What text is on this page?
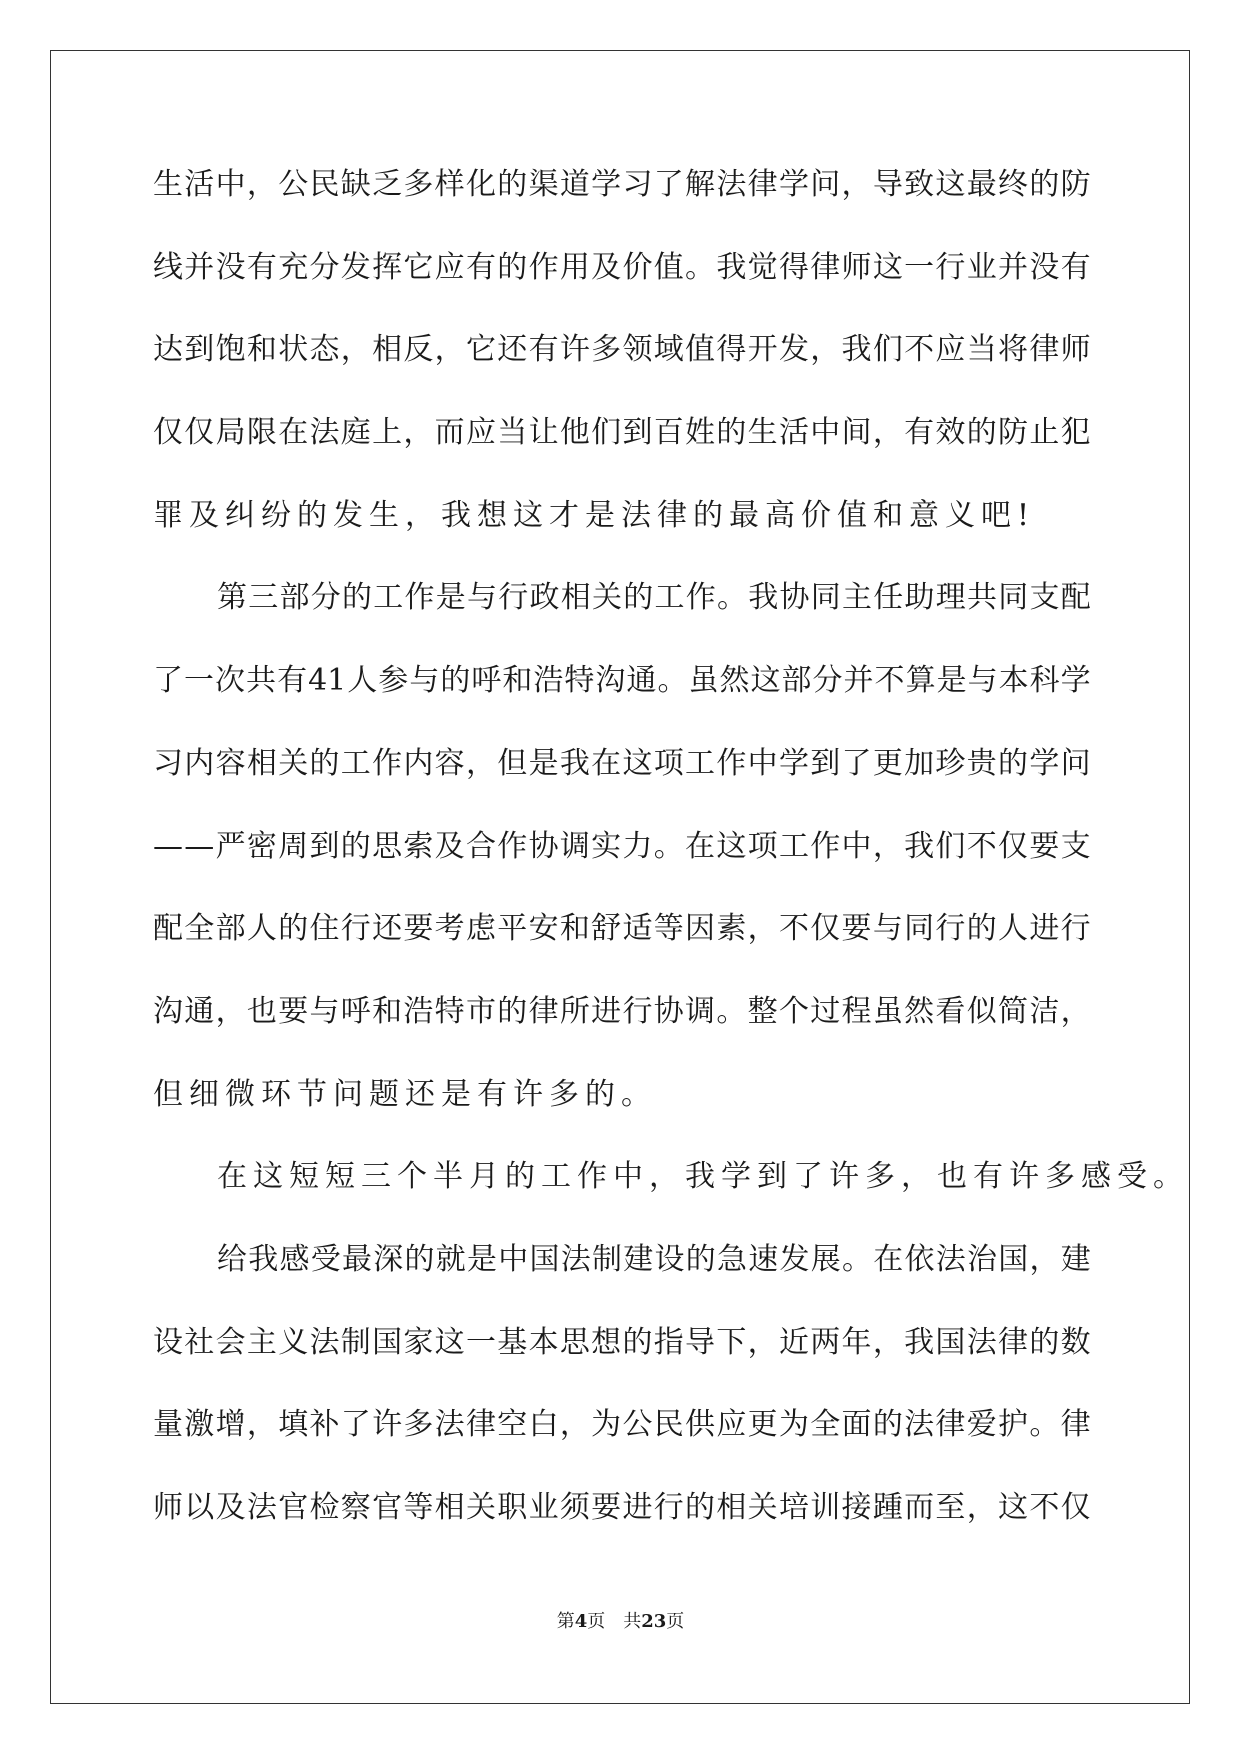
生 活 中 ， 公 民 缺 乏 多 样 化 的 渠 道 学 习 了 解 法 律 学 问 ， 导 致 这 最 终 的 防
线 并 没 有 充 分 发 挥 它 应 有 的 作 用 及 价 值 。 我 觉 得 律 师 这 一 行 业 并 没 有
达 到 饱 和 状 态 ， 相 反 ， 它 还 有 许 多 领 域 值 得 开 发 ， 我 们 不 应 当 将 律 师
仅 仅 局 限 在 法 庭 上 ， 而 应 当 让 他 们 到 百 姓 的 生 活 中 间 ， 有 效 的 防 止 犯
罪 及 纠 纷 的 发 生 ， 我 想 这 才 是 法 律 的 最 高 价 值 和 意 义 吧 !
第 三 部 分 的 工 作 是 与 行 政 相 关 的 工 作 。 我 协 同 主 任 助 理 共 同 支 配
了 一 次 共 有 41 人 参 与 的 呼 和 浩 特 沟 通 。 虽 然 这 部 分 并 不 算 是 与 本 科 学
习 内 容 相 关 的 工 作 内 容 ， 但 是 我 在 这 项 工 作 中 学 到 了 更 加 珍 贵 的 学 问
— — 严 密 周 到 的 思 索 及 合 作 协 调 实 力 。 在 这 项 工 作 中 ， 我 们 不 仅 要 支
配 全 部 人 的 住 行 还 要 考 虑 平 安 和 舒 适 等 因 素 ， 不 仅 要 与 同 行 的 人 进 行
沟 通 ， 也 要 与 呼 和 浩 特 市 的 律 所 进 行 协 调 。 整 个 过 程 虽 然 看 似 简 洁 ，
但 细 微 环 节 问 题 还 是 有 许 多 的 。
在 这 短 短 三 个 半 月 的 工 作 中 ， 我 学 到 了 许 多 ， 也 有 许 多 感 受 。
给 我 感 受 最 深 的 就 是 中 国 法 制 建 设 的 急 速 发 展 。 在 依 法 治 国 ， 建
设 社 会 主 义 法 制 国 家 这 一 基 本 思 想 的 指 导 下 ， 近 两 年 ， 我 国 法 律 的 数
量 激 增 ， 填 补 了 许 多 法 律 空 白 ， 为 公 民 供 应 更 为 全 面 的 法 律 爱 护 。 律
师 以 及 法 官 检 察 官 等 相 关 职 业 须 要 进 行 的 相 关 培 训 接 踵 而 至 ， 这 不 仅
第4页　共23页
